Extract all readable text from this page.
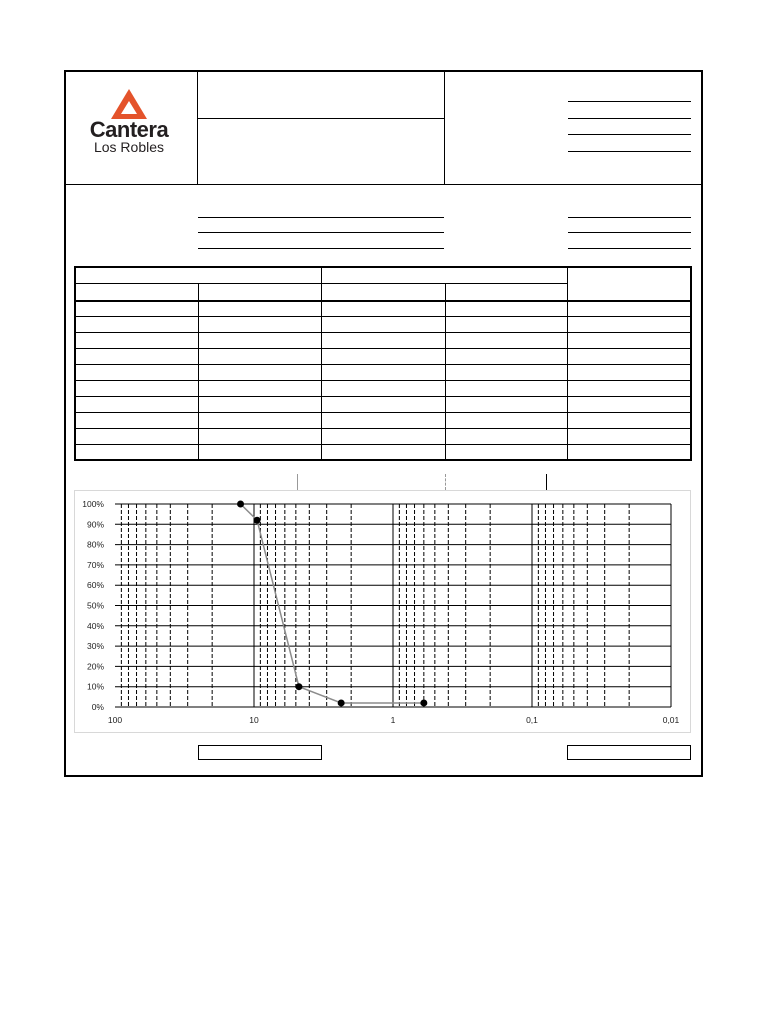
Cantera
Los Robles
0%
10%
20%
30%
40%
50%
60%
70%
80%
90%
100%
100	10	1	0,1	0,01
